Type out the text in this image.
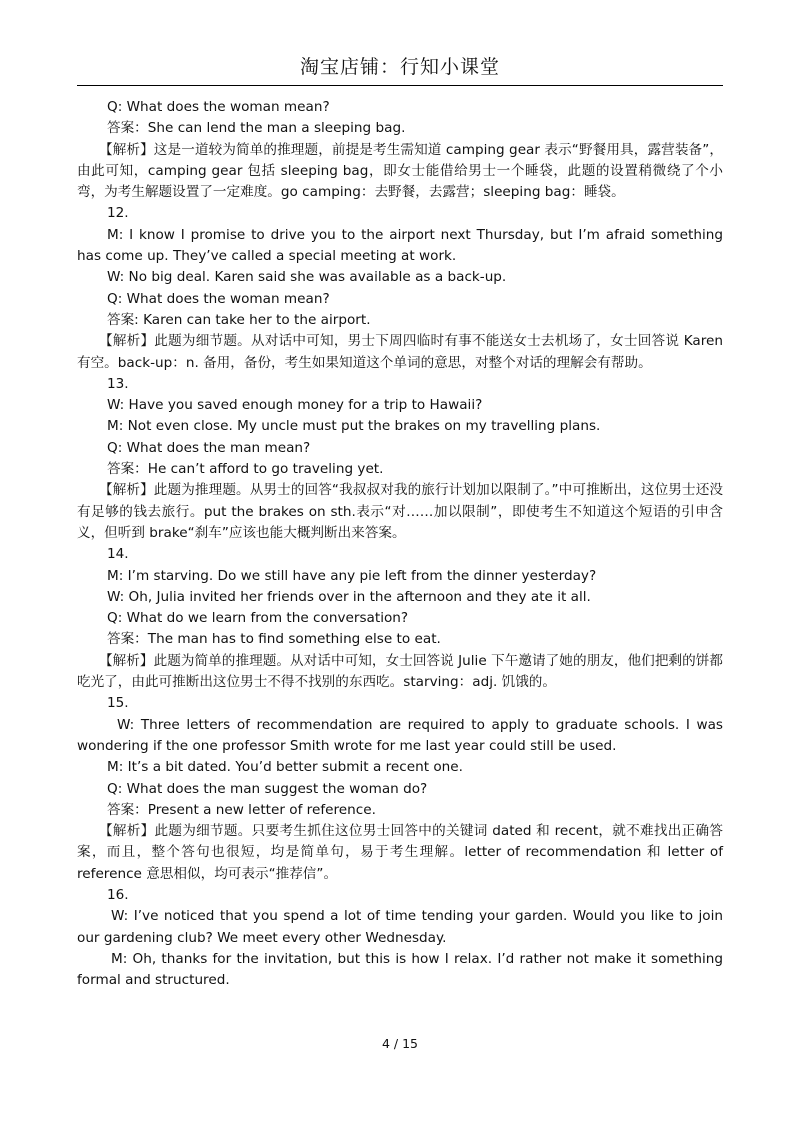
淘宝店铺：行知小课堂

Q: What does the woman mean?

答案：She can lend the man a sleeping bag.

【解析】这是一道较为简单的推理题，前提是考生需知道 camping gear 表示“野餐用具，露营装备”，由此可知，camping gear 包括 sleeping bag，即女士能借给男士一个睡袋，此题的设置稍微绕了个小弯，为考生解题设置了一定难度。go camping：去野餐，去露营；sleeping bag：睡袋。

12.

M: I know I promise to drive you to the airport next Thursday, but I’m afraid something has come up. They’ve called a special meeting at work.

W: No big deal. Karen said she was available as a back-up.

Q: What does the woman mean?

答案: Karen can take her to the airport.

【解析】此题为细节题。从对话中可知，男士下周四临时有事不能送女士去机场了，女士回答说 Karen 有空。back-up：n. 备用，备份，考生如果知道这个单词的意思，对整个对话的理解会有帮助。

13.

W: Have you saved enough money for a trip to Hawaii?

M: Not even close. My uncle must put the brakes on my travelling plans.

Q: What does the man mean?

答案：He can’t afford to go traveling yet.

【解析】此题为推理题。从男士的回答“我叔叔对我的旅行计划加以限制了。”中可推断出，这位男士还没有足够的钱去旅行。put the brakes on sth.表示“对……加以限制”，即使考生不知道这个短语的引申含义，但听到 brake“刹车”应该也能大概判断出来答案。

14.

M: I’m starving. Do we still have any pie left from the dinner yesterday?

W: Oh, Julia invited her friends over in the afternoon and they ate it all.

Q: What do we learn from the conversation?

答案：The man has to find something else to eat.

【解析】此题为简单的推理题。从对话中可知，女士回答说 Julie 下午邀请了她的朋友，他们把剩的饼都吃光了，由此可推断出这位男士不得不找别的东西吃。starving：adj. 饥饿的。

15.

W: Three letters of recommendation are required to apply to graduate schools. I was wondering if the one professor Smith wrote for me last year could still be used.

M: It’s a bit dated. You’d better submit a recent one.

Q: What does the man suggest the woman do?

答案：Present a new letter of reference.

【解析】此题为细节题。只要考生抓住这位男士回答中的关键词 dated 和 recent，就不难找出正确答案，而且，整个答句也很短，均是简单句，易于考生理解。letter of recommendation 和 letter of reference 意思相似，均可表示“推荐信”。

16.

W: I’ve noticed that you spend a lot of time tending your garden. Would you like to join our gardening club? We meet every other Wednesday.

M: Oh, thanks for the invitation, but this is how I relax. I’d rather not make it something formal and structured.

4 / 15
